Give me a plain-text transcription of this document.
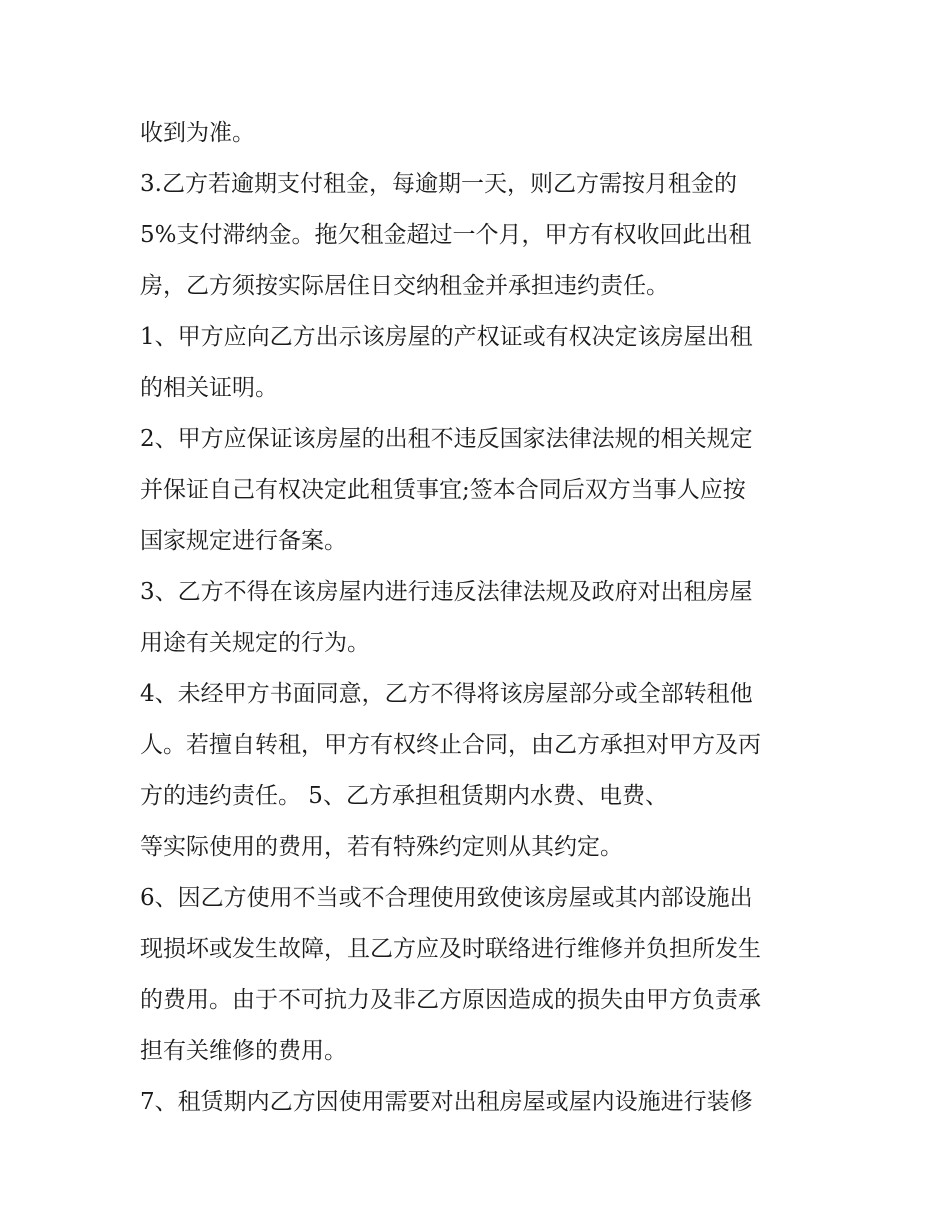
收到为准。
3.乙方若逾期支付租金，每逾期一天，则乙方需按月租金的
5%支付滞纳金。拖欠租金超过一个月，甲方有权收回此出租
房，乙方须按实际居住日交纳租金并承担违约责任。
1、甲方应向乙方出示该房屋的产权证或有权决定该房屋出租
的相关证明。
2、甲方应保证该房屋的出租不违反国家法律法规的相关规定
并保证自己有权决定此租赁事宜;签本合同后双方当事人应按
国家规定进行备案。
3、乙方不得在该房屋内进行违反法律法规及政府对出租房屋
用途有关规定的行为。
4、未经甲方书面同意，乙方不得将该房屋部分或全部转租他
人。若擅自转租，甲方有权终止合同，由乙方承担对甲方及丙
方的违约责任。 5、乙方承担租赁期内水费、电费、
等实际使用的费用，若有特殊约定则从其约定。
6、因乙方使用不当或不合理使用致使该房屋或其内部设施出
现损坏或发生故障，且乙方应及时联络进行维修并负担所发生
的费用。由于不可抗力及非乙方原因造成的损失由甲方负责承
担有关维修的费用。
7、租赁期内乙方因使用需要对出租房屋或屋内设施进行装修
